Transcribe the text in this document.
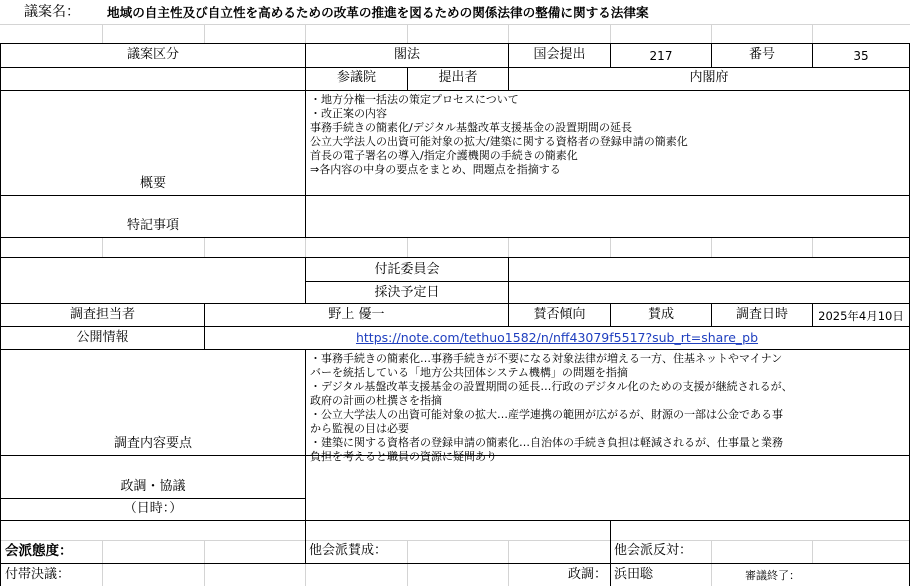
議案名： 地域の自主性及び自立性を高めるための改革の推進を図るための関係法律の整備に関する法律案
議案区分	閣法	国会提出	217	番号	35
参議院	提出者	内閣府
概要
・地方分権一括法の策定プロセスについて
・改正案の内容
事務手続きの簡素化/デジタル基盤改革支援基金の設置期間の延長
公立大学法人の出資可能対象の拡大/建築に関する資格者の登録申請の簡素化
首長の電子署名の導入/指定介護機関の手続きの簡素化
⇒各内容の中身の要点をまとめ、問題点を指摘する
特記事項
付託委員会
採決予定日
調査担当者	野上 優一	賛否傾向	賛成	調査日時	2025年4月10日
公開情報	https://note.com/tethuo1582/n/nff43079f5517?sub_rt=share_pb
調査内容要点
・事務手続きの簡素化…事務手続きが不要になる対象法律が増える一方、住基ネットやマイナン
バーを統括している「地方公共団体システム機構」の問題を指摘
・デジタル基盤改革支援基金の設置期間の延長…行政のデジタル化のための支援が継続されるが、
政府の計画の杜撰さを指摘
・公立大学法人の出資可能対象の拡大…産学連携の範囲が広がるが、財源の一部は公金である事
から監視の目は必要
・建築に関する資格者の登録申請の簡素化…自治体の手続き負担は軽減されるが、仕事量と業務
負担を考えると職員の資源に疑問あり
政調・協議
（日時：）
会派態度：	他会派賛成：	他会派反対：
付帯決議：	政調： 浜田聡	審議終了：
